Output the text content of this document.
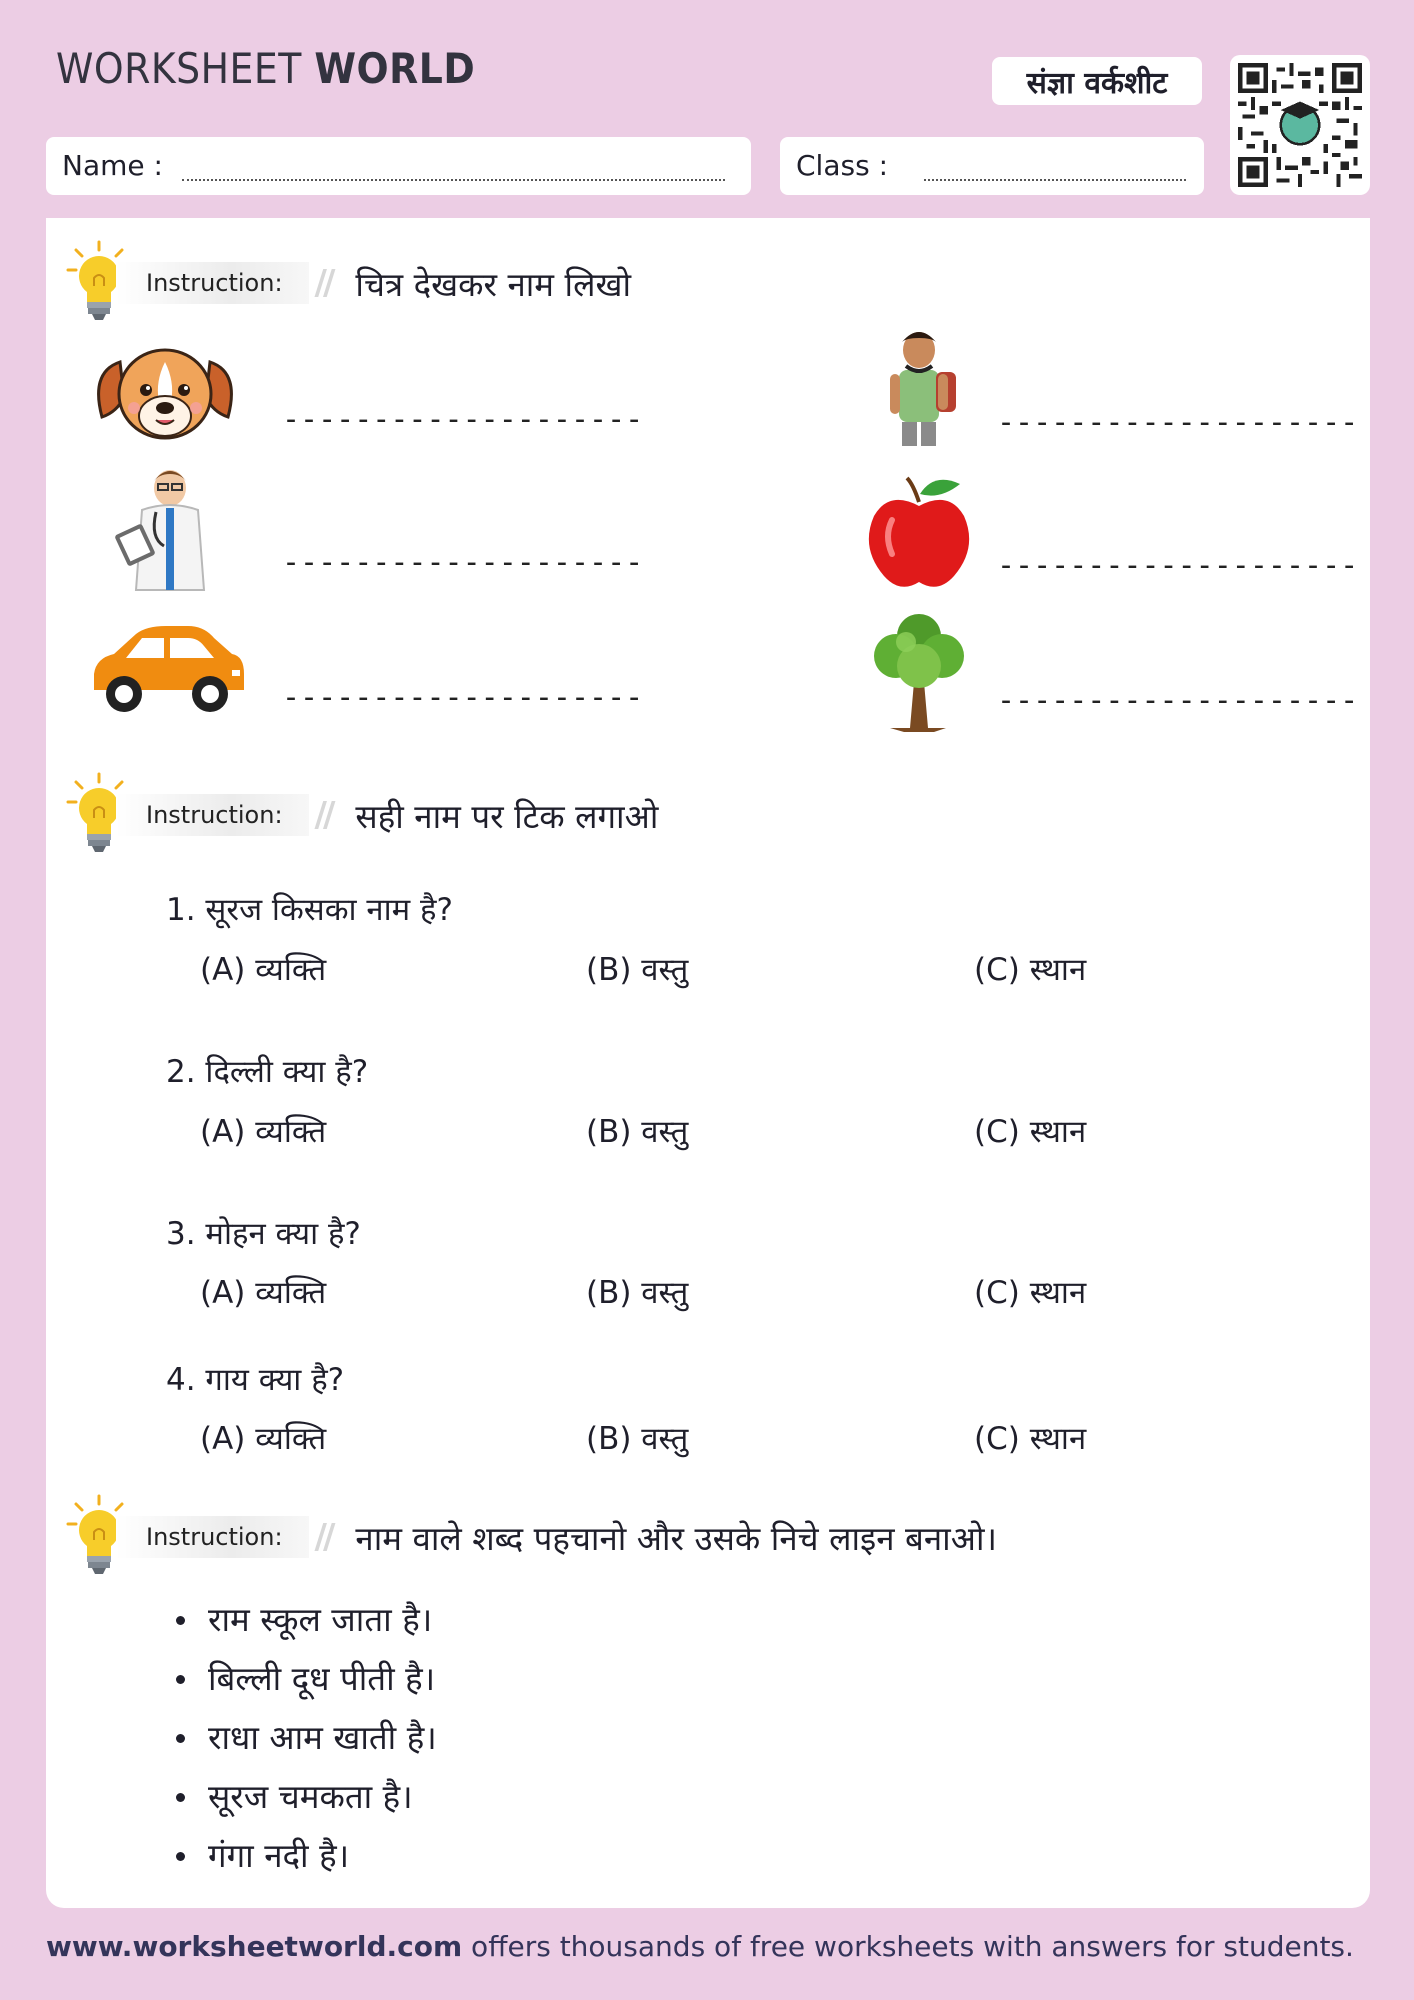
WORKSHEET WORLD	संज्ञा वर्कशीट
Name :	Class :
Instruction: // चित्र देखकर नाम लिखो
--------------------	--------------------
--------------------	--------------------
--------------------	--------------------
Instruction: // सही नाम पर टिक लगाओ
1. सूरज किसका नाम है?
(A) व्यक्ति	(B) वस्तु	(C) स्थान
2. दिल्ली क्या है?
(A) व्यक्ति	(B) वस्तु	(C) स्थान
3. मोहन क्या है?
(A) व्यक्ति	(B) वस्तु	(C) स्थान
4. गाय क्या है?
(A) व्यक्ति	(B) वस्तु	(C) स्थान
Instruction: // नाम वाले शब्द पहचानो और उसके निचे लाइन बनाओ।
राम स्कूल जाता है।
बिल्ली दूध पीती है।
राधा आम खाती है।
सूरज चमकता है।
गंगा नदी है।
www.worksheetworld.com offers thousands of free worksheets with answers for students.
